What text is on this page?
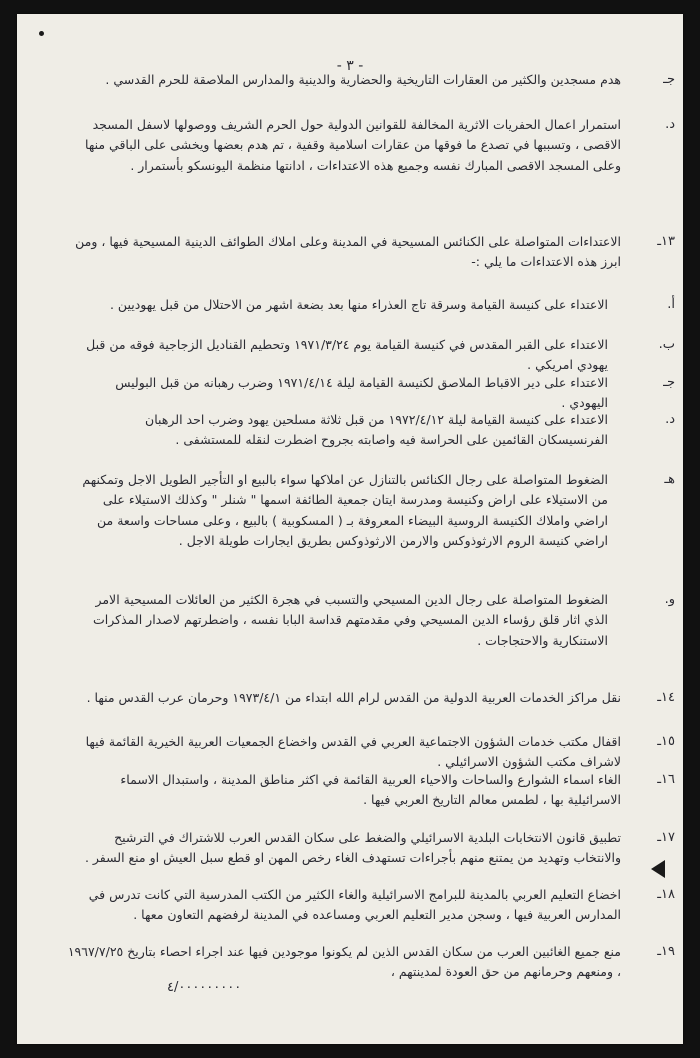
- ٣ -
جـ
هدم مسجدين والكثير من العقارات التاريخية والحضارية والدينية والمدارس الملاصقة للحرم القدسي .
د.
استمرار اعمال الحفريات الاثرية المخالفة للقوانين الدولية حول الحرم الشريف ووصولها لاسفل المسجد الاقصى ، وتسببها في تصدع ما فوقها من عقارات اسلامية وقفية ، تم هدم بعضها ويخشى على الباقي منها وعلى المسجد الاقصى المبارك نفسه وجميع هذه الاعتداءات ، ادانتها منظمة اليونسكو بأستمرار .
١٣ـ
الاعتداءات المتواصلة على الكنائس المسيحية في المدينة وعلى املاك الطوائف الدينية المسيحية فيها ، ومن ابرز هذه الاعتداءات ما يلي :-
أ.
الاعتداء على كنيسة القيامة وسرقة تاج العذراء منها بعد بضعة اشهر من الاحتلال من قبل يهوديين .
ب.
الاعتداء على القبر المقدس في كنيسة القيامة يوم ١٩٧١/٣/٢٤ وتحطيم القناديل الزجاجية فوقه من قبل يهودي امريكي .
جـ
الاعتداء على دير الاقباط الملاصق لكنيسة القيامة ليلة ١٩٧١/٤/١٤ وضرب رهبانه من قبل البوليس اليهودي .
د.
الاعتداء على كنيسة القيامة ليلة ١٩٧٢/٤/١٢ من قبل ثلاثة مسلحين يهود وضرب احد الرهبان الفرنسيسكان القائمين على الحراسة فيه واصابته بجروح اضطرت لنقله للمستشفى .
هـ
الضغوط المتواصلة على رجال الكنائس بالتنازل عن املاكها سواء بالبيع او التأجير الطويل الاجل وتمكنهم من الاستيلاء على اراض وكنيسة ومدرسة ايتان جمعية الطائفة اسمها " شنلر " وكذلك الاستيلاء على اراضي واملاك الكنيسة الروسية البيضاء المعروفة بـ ( المسكوبية ) بالبيع ، وعلى مساحات واسعة من اراضي كنيسة الروم الارثوذوكس والارمن الارثوذوكس بطريق ايجارات طويلة الاجل .
و.
الضغوط المتواصلة على رجال الدين المسيحي والتسبب في هجرة الكثير من العائلات المسيحية الامر الذي اثار قلق رؤساء الدين المسيحي وفي مقدمتهم قداسة البابا نفسه ، واضطرتهم لاصدار المذكرات الاستنكارية والاحتجاجات .
١٤ـ
نقل مراكز الخدمات العربية الدولية من القدس لرام الله ابتداء من ١٩٧٣/٤/١ وحرمان عرب القدس منها .
١٥ـ
اقفال مكتب خدمات الشؤون الاجتماعية العربي في القدس واخضاع الجمعيات العربية الخيرية القائمة فيها لاشراف مكتب الشؤون الاسرائيلي .
١٦ـ
الغاء اسماء الشوارع والساحات والاحياء العربية القائمة في اكثر مناطق المدينة ، واستبدال الاسماء الاسرائيلية بها ، لطمس معالم التاريخ العربي فيها .
١٧ـ
تطبيق قانون الانتخابات البلدية الاسرائيلي والضغط على سكان القدس العرب للاشتراك في الترشيح والانتخاب وتهديد من يمتنع منهم بأجراءات تستهدف الغاء رخص المهن او قطع سبل العيش او منع السفر .
١٨ـ
اخضاع التعليم العربي بالمدينة للبرامج الاسرائيلية والغاء الكثير من الكتب المدرسية التي كانت تدرس في المدارس العربية فيها ، وسجن مدير التعليم العربي ومساعده في المدينة لرفضهم التعاون معها .
١٩ـ
منع جميع الغائبين العرب من سكان القدس الذين لم يكونوا موجودين فيها عند اجراء احصاء بتاريخ ١٩٦٧/٧/٢٥ ، ومنعهم وحرمانهم من حق العودة لمدينتهم ،
٤/٠٠٠٠٠٠٠٠٠
